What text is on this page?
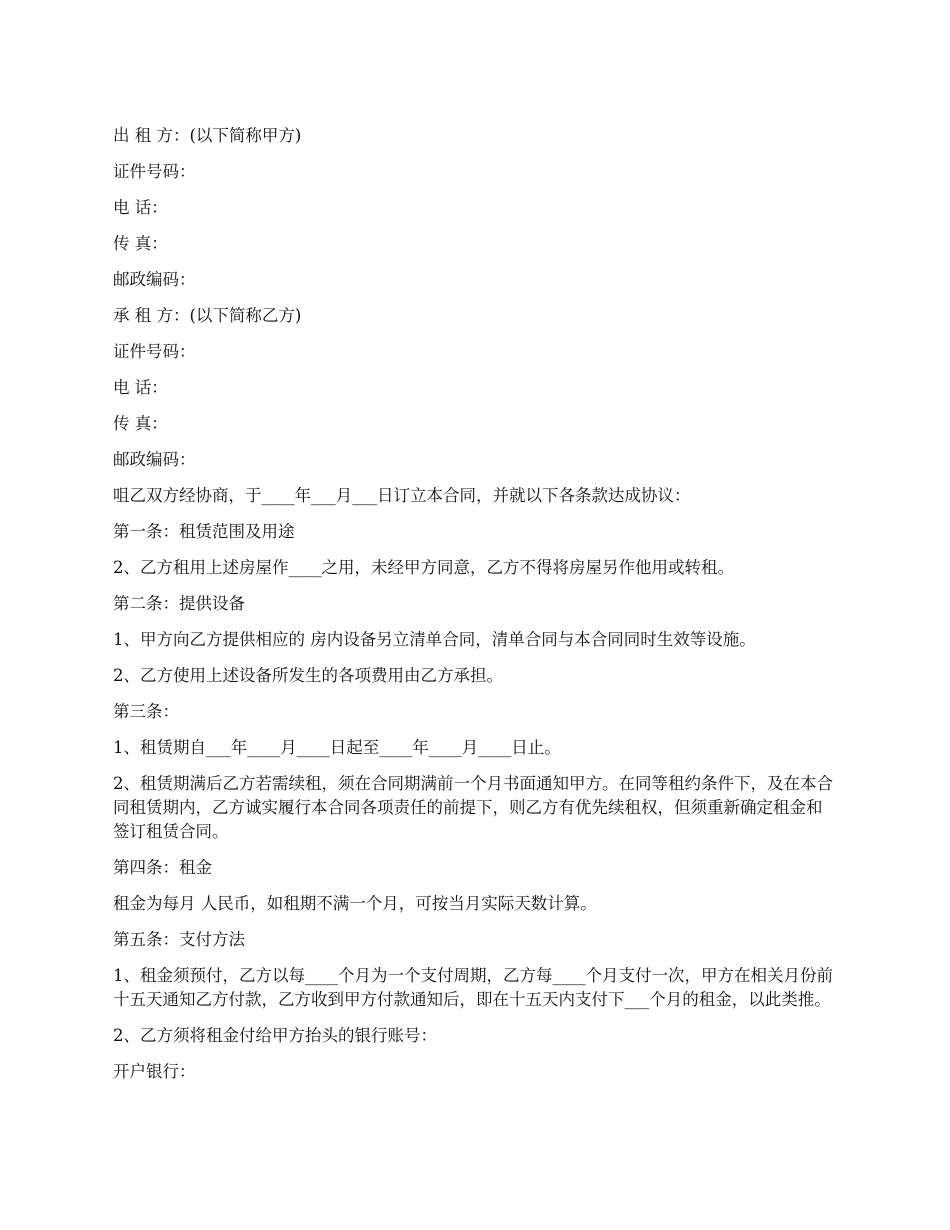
出 租 方：(以下简称甲方)

证件号码：

电 话：

传 真：

邮政编码：

承 租 方：(以下简称乙方)

证件号码：

电 话：

传 真：

邮政编码：

咀乙双方经协商，于____年___月___日订立本合同，并就以下各条款达成协议：

第一条：租赁范围及用途

2、乙方租用上述房屋作____之用，未经甲方同意，乙方不得将房屋另作他用或转租。

第二条：提供设备

1、甲方向乙方提供相应的 房内设备另立清单合同，清单合同与本合同同时生效等设施。

2、乙方使用上述设备所发生的各项费用由乙方承担。

第三条：

1、租赁期自___年____月____日起至____年____月____日止。

2、租赁期满后乙方若需续租，须在合同期满前一个月书面通知甲方。在同等租约条件下，及在本合同租赁期内，乙方诚实履行本合同各项责任的前提下，则乙方有优先续租权，但须重新确定租金和签订租赁合同。

第四条：租金

租金为每月 人民币，如租期不满一个月，可按当月实际天数计算。

第五条：支付方法

1、租金须预付，乙方以每____个月为一个支付周期，乙方每____个月支付一次，甲方在相关月份前十五天通知乙方付款，乙方收到甲方付款通知后，即在十五天内支付下___个月的租金，以此类推。

2、乙方须将租金付给甲方抬头的银行账号：

开户银行：
